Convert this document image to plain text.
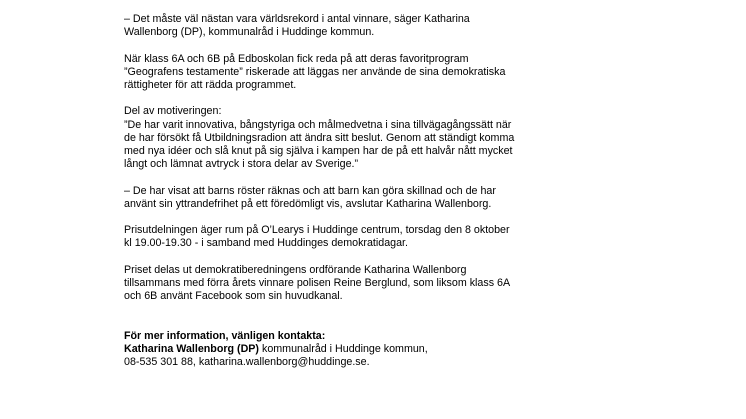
– Det måste väl nästan vara världsrekord i antal vinnare, säger Katharina
Wallenborg (DP), kommunalråd i Huddinge kommun.

När klass 6A och 6B på Edboskolan fick reda på att deras favoritprogram
”Geografens testamente” riskerade att läggas ner använde de sina demokratiska
rättigheter för att rädda programmet.

Del av motiveringen:
”De har varit innovativa, bångstyriga och målmedvetna i sina tillvägagångssätt när
de har försökt få Utbildningsradion att ändra sitt beslut. Genom att ständigt komma
med nya idéer och slå knut på sig själva i kampen har de på ett halvår nått mycket
långt och lämnat avtryck i stora delar av Sverige.”

– De har visat att barns röster räknas och att barn kan göra skillnad och de har
använt sin yttrandefrihet på ett föredömligt vis, avslutar Katharina Wallenborg.

Prisutdelningen äger rum på O’Learys i Huddinge centrum, torsdag den 8 oktober
kl 19.00-19.30 - i samband med Huddinges demokratidagar.

Priset delas ut demokratiberedningens ordförande Katharina Wallenborg
tillsammans med förra årets vinnare polisen Reine Berglund, som liksom klass 6A
och 6B använt Facebook som sin huvudkanal.

För mer information, vänligen kontakta:
Katharina Wallenborg (DP) kommunalråd i Huddinge kommun,
08-535 301 88, katharina.wallenborg@huddinge.se.
